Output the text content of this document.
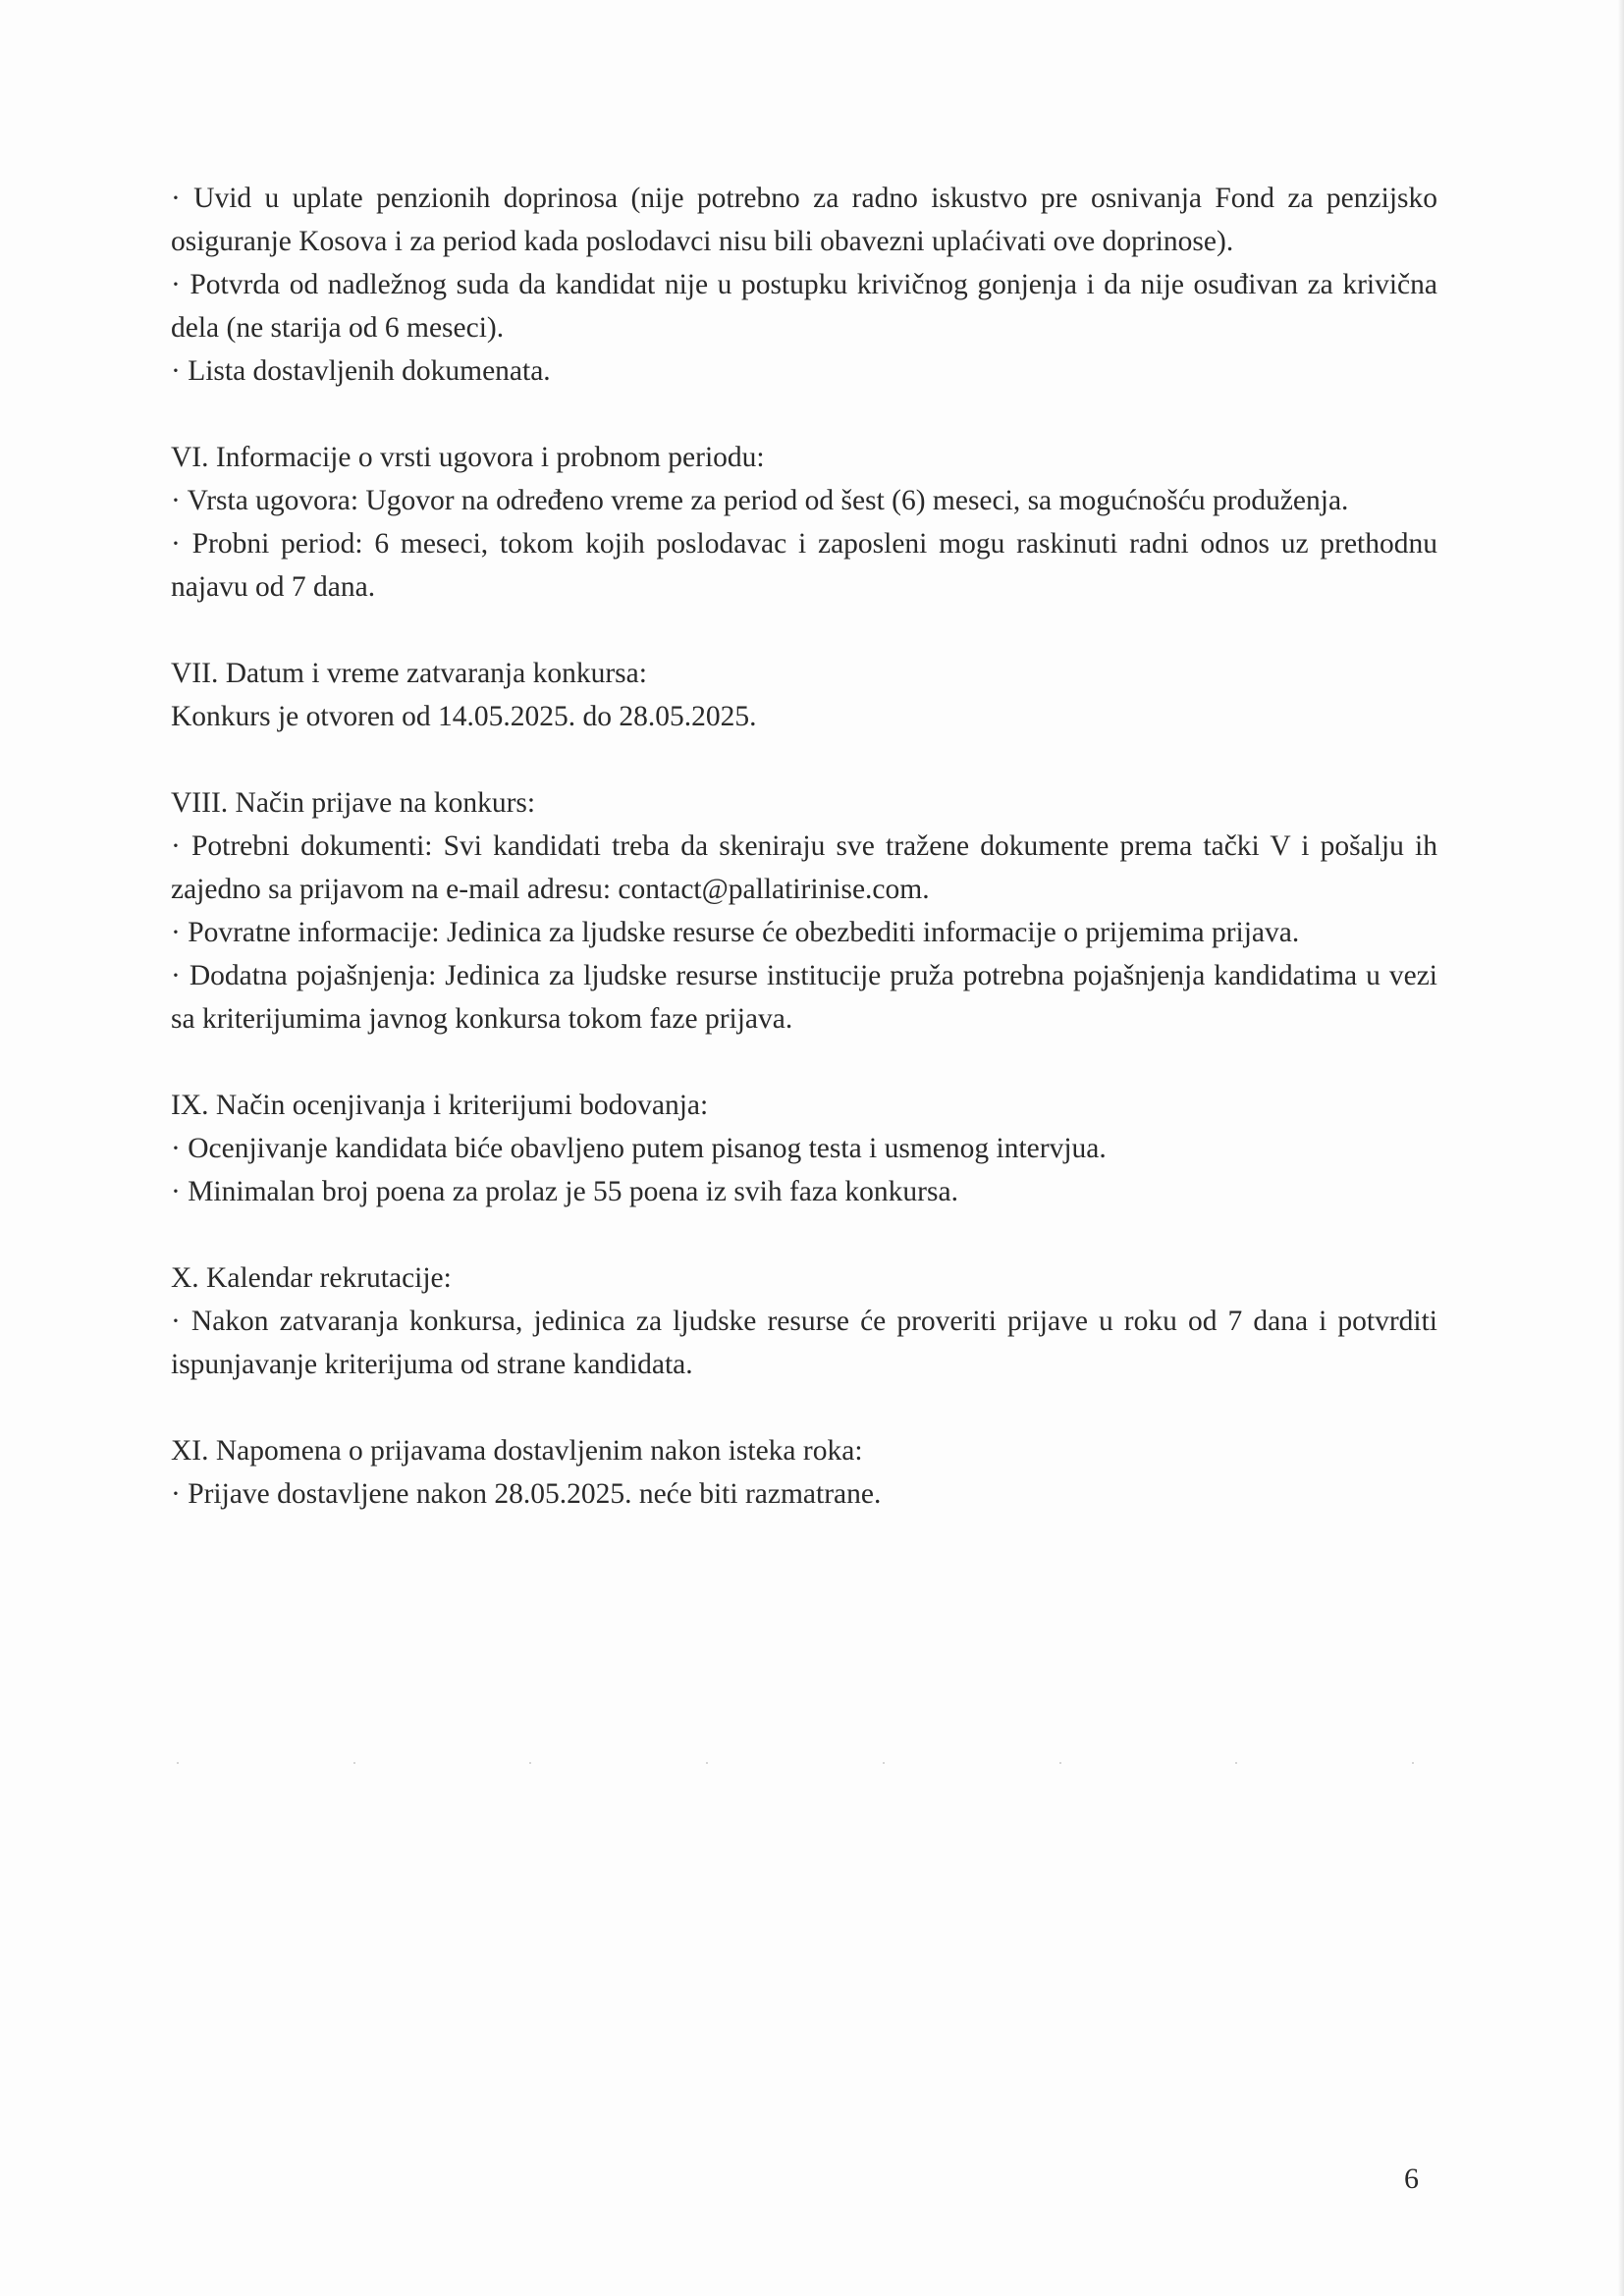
· Uvid u uplate penzionih doprinosa (nije potrebno za radno iskustvo pre osnivanja Fond za penzijsko osiguranje Kosova i za period kada poslodavci nisu bili obavezni uplaćivati ove doprinose).

· Potvrda od nadležnog suda da kandidat nije u postupku krivičnog gonjenja i da nije osuđivan za krivična dela (ne starija od 6 meseci).

· Lista dostavljenih dokumenata.

VI. Informacije o vrsti ugovora i probnom periodu:

· Vrsta ugovora: Ugovor na određeno vreme za period od šest (6) meseci, sa mogućnošću produženja.

· Probni period: 6 meseci, tokom kojih poslodavac i zaposleni mogu raskinuti radni odnos uz prethodnu najavu od 7 dana.

VII. Datum i vreme zatvaranja konkursa:

Konkurs je otvoren od 14.05.2025. do 28.05.2025.

VIII. Način prijave na konkurs:

· Potrebni dokumenti: Svi kandidati treba da skeniraju sve tražene dokumente prema tački V i pošalju ih zajedno sa prijavom na e-mail adresu: contact@pallatirinise.com.

· Povratne informacije: Jedinica za ljudske resurse će obezbediti informacije o prijemima prijava.

· Dodatna pojašnjenja: Jedinica za ljudske resurse institucije pruža potrebna pojašnjenja kandidatima u vezi sa kriterijumima javnog konkursa tokom faze prijava.

IX. Način ocenjivanja i kriterijumi bodovanja:

· Ocenjivanje kandidata biće obavljeno putem pisanog testa i usmenog intervjua.

· Minimalan broj poena za prolaz je 55 poena iz svih faza konkursa.

X. Kalendar rekrutacije:

· Nakon zatvaranja konkursa, jedinica za ljudske resurse će proveriti prijave u roku od 7 dana i potvrditi ispunjavanje kriterijuma od strane kandidata.

XI. Napomena o prijavama dostavljenim nakon isteka roka:

· Prijave dostavljene nakon 28.05.2025. neće biti razmatrane.

6
